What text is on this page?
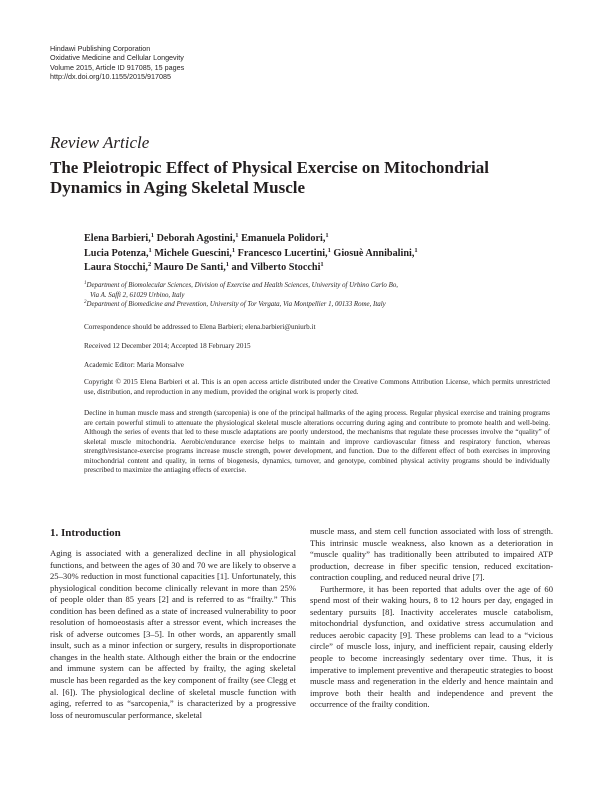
Hindawi Publishing Corporation
Oxidative Medicine and Cellular Longevity
Volume 2015, Article ID 917085, 15 pages
http://dx.doi.org/10.1155/2015/917085
Review Article
The Pleiotropic Effect of Physical Exercise on Mitochondrial
Dynamics in Aging Skeletal Muscle
Elena Barbieri,$^1$ Deborah Agostini,$^1$ Emanuela Polidori,$^1$
Lucia Potenza,$^1$ Michele Guescini,$^1$ Francesco Lucertini,$^1$ Giosuè Annibalini,$^1$
Laura Stocchi,$^2$ Mauro De Santi,$^1$ and Vilberto Stocchi$^1$
$^1$Department of Biomolecular Sciences, Division of Exercise and Health Sciences, University of Urbino Carlo Bo,
Via A. Saffi 2, 61029 Urbino, Italy
$^2$Department of Biomedicine and Prevention, University of Tor Vergata, Via Montpellier 1, 00133 Rome, Italy
Correspondence should be addressed to Elena Barbieri; elena.barbieri@uniurb.it
Received 12 December 2014; Accepted 18 February 2015
Academic Editor: Maria Monsalve
Copyright © 2015 Elena Barbieri et al. This is an open access article distributed under the Creative Commons Attribution License, which permits unrestricted use, distribution, and reproduction in any medium, provided the original work is properly cited.
Decline in human muscle mass and strength (sarcopenia) is one of the principal hallmarks of the aging process. Regular physical exercise and training programs are certain powerful stimuli to attenuate the physiological skeletal muscle alterations occurring during aging and contribute to promote health and well-being. Although the series of events that led to these muscle adaptations are poorly understood, the mechanisms that regulate these processes involve the “quality” of skeletal muscle mitochondria. Aerobic/endurance exercise helps to maintain and improve cardiovascular fitness and respiratory function, whereas strength/resistance-exercise programs increase muscle strength, power development, and function. Due to the different effect of both exercises in improving mitochondrial content and quality, in terms of biogenesis, dynamics, turnover, and genotype, combined physical activity programs should be individually prescribed to maximize the antiaging effects of exercise.
1. Introduction

Aging is associated with a generalized decline in all physiological functions, and between the ages of 30 and 70 we are likely to observe a 25–30% reduction in most functional capacities [1]. Unfortunately, this physiological condition become clinically relevant in more than 25% of people older than 85 years [2] and is referred to as “frailty.” This condition has been defined as a state of increased vulnerability to poor resolution of homoeostasis after a stressor event, which increases the risk of adverse outcomes [3–5]. In other words, an apparently small insult, such as a minor infection or surgery, results in disproportionate changes in the health state. Although either the brain or the endocrine and immune system can be affected by frailty, the aging skeletal muscle has been regarded as the key component of frailty (see Clegg et al. [6]). The physiological decline of skeletal muscle function with aging, referred to as “sarcopenia,” is characterized by a progressive loss of neuromuscular performance, skeletal

muscle mass, and stem cell function associated with loss of strength. This intrinsic muscle weakness, also known as a deterioration in “muscle quality” has traditionally been attributed to impaired ATP production, decrease in fiber specific tension, reduced excitation-contraction coupling, and reduced neural drive [7].

Furthermore, it has been reported that adults over the age of 60 spend most of their waking hours, 8 to 12 hours per day, engaged in sedentary pursuits [8]. Inactivity accelerates muscle catabolism, mitochondrial dysfunction, and oxidative stress accumulation and reduces aerobic capacity [9]. These problems can lead to a “vicious circle” of muscle loss, injury, and inefficient repair, causing elderly people to become increasingly sedentary over time. Thus, it is imperative to implement preventive and therapeutic strategies to boost muscle mass and regeneration in the elderly and hence maintain and improve both their health and independence and prevent the occurrence of the frailty condition.
